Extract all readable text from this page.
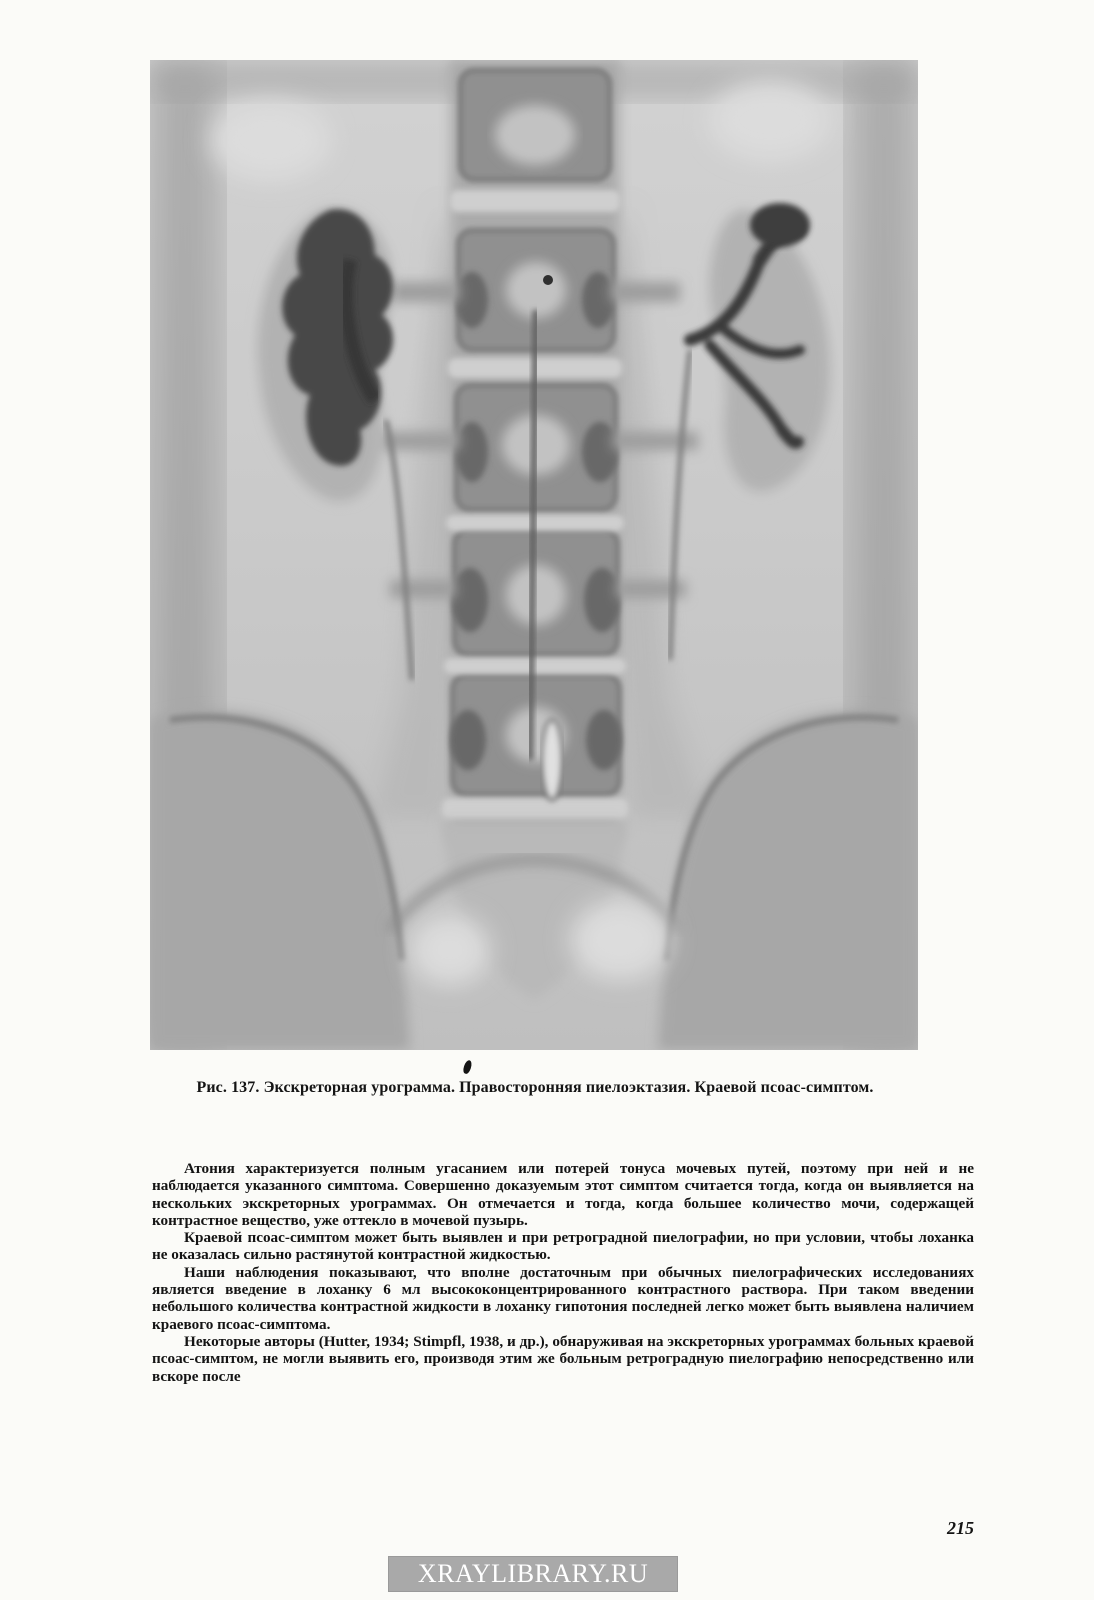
Рис. 137. Экскреторная урограмма. Правосторонняя пиелоэктазия. Краевой псоас-симптом.

Атония характеризуется полным угасанием или потерей тонуса мочевых путей, поэтому при ней и не наблюдается указанного симптома. Совершенно доказуемым этот симптом считается тогда, когда он выявляется на нескольких экскреторных урограммах. Он отмечается и тогда, когда большее количество мочи, содержащей контрастное вещество, уже оттекло в мочевой пузырь.

Краевой псоас-симптом может быть выявлен и при ретроградной пиелографии, но при условии, чтобы лоханка не оказалась сильно растянутой контрастной жидкостью.

Наши наблюдения показывают, что вполне достаточным при обычных пиелографических исследованиях является введение в лоханку 6 мл высококонцентрированного контрастного раствора. При таком введении небольшого количества контрастной жидкости в лоханку гипотония последней легко может быть выявлена наличием краевого псоас-симптома.

Некоторые авторы (Hutter, 1934; Stimpfl, 1938, и др.), обнаруживая на экскреторных урограммах больных краевой псоас-симптом, не могли выявить его, производя этим же больным ретроградную пиелографию непосредственно или вскоре после

215
XRAYLIBRARY.RU
